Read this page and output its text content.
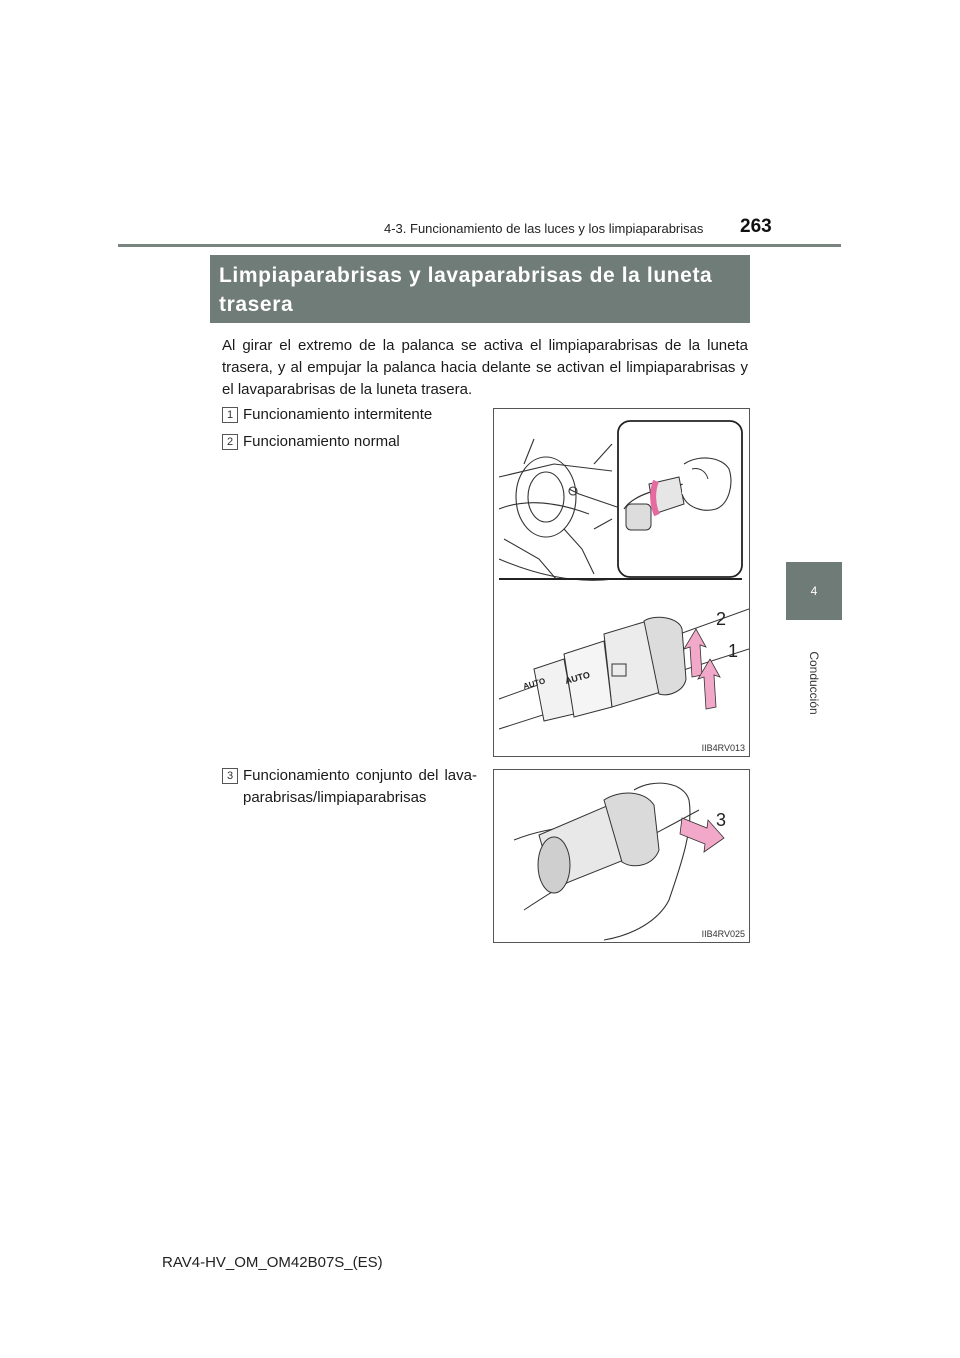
4-3. Funcionamiento de las luces y los limpiaparabrisas 263
4
Conducción
Limpiaparabrisas y lavaparabrisas de la luneta
trasera
Al girar el extremo de la palanca se activa el limpiaparabrisas de la luneta trasera, y al empujar la palanca hacia delante se activan el limpiaparabrisas y el lavaparabrisas de la luneta trasera.
1 Funcionamiento intermitente
2 Funcionamiento normal
3 Funcionamiento conjunto del lavaparabrisas/limpiaparabrisas
AUTO AUTO
2
1
IIB4RV013
3
IIB4RV025
RAV4-HV_OM_OM42B07S_(ES)
